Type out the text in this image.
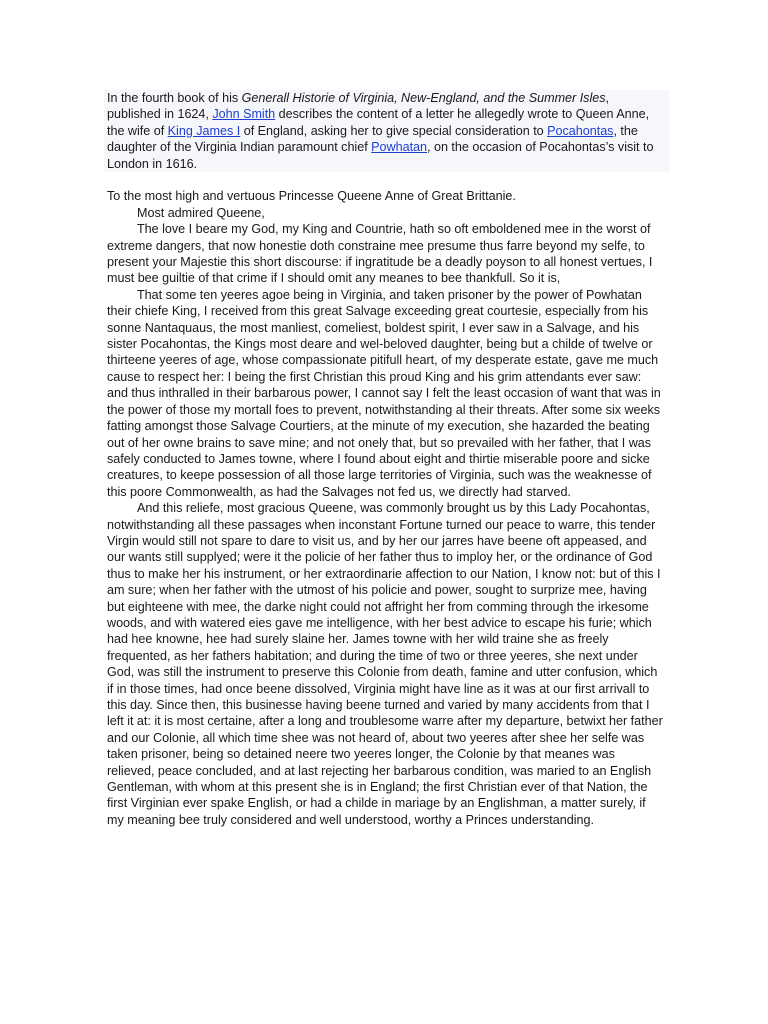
In the fourth book of his Generall Historie of Virginia, New-England, and the Summer Isles, published in 1624, John Smith describes the content of a letter he allegedly wrote to Queen Anne, the wife of King James I of England, asking her to give special consideration to Pocahontas, the daughter of the Virginia Indian paramount chief Powhatan, on the occasion of Pocahontas’s visit to London in 1616.

To the most high and vertuous Princesse Queene Anne of Great Brittanie.

Most admired Queene,

The love I beare my God, my King and Countrie, hath so oft emboldened mee in the worst of extreme dangers, that now honestie doth constraine mee presume thus farre beyond my selfe, to present your Majestie this short discourse: if ingratitude be a deadly poyson to all honest vertues, I must bee guiltie of that crime if I should omit any meanes to bee thankfull. So it is,

That some ten yeeres agoe being in Virginia, and taken prisoner by the power of Powhatan their chiefe King, I received from this great Salvage exceeding great courtesie, especially from his sonne Nantaquaus, the most manliest, comeliest, boldest spirit, I ever saw in a Salvage, and his sister Pocahontas, the Kings most deare and wel-beloved daughter, being but a childe of twelve or thirteene yeeres of age, whose compassionate pitifull heart, of my desperate estate, gave me much cause to respect her: I being the first Christian this proud King and his grim attendants ever saw: and thus inthralled in their barbarous power, I cannot say I felt the least occasion of want that was in the power of those my mortall foes to prevent, notwithstanding al their threats. After some six weeks fatting amongst those Salvage Courtiers, at the minute of my execution, she hazarded the beating out of her owne brains to save mine; and not onely that, but so prevailed with her father, that I was safely conducted to James towne, where I found about eight and thirtie miserable poore and sicke creatures, to keepe possession of all those large territories of Virginia, such was the weaknesse of this poore Commonwealth, as had the Salvages not fed us, we directly had starved.

And this reliefe, most gracious Queene, was commonly brought us by this Lady Pocahontas, notwithstanding all these passages when inconstant Fortune turned our peace to warre, this tender Virgin would still not spare to dare to visit us, and by her our jarres have beene oft appeased, and our wants still supplyed; were it the policie of her father thus to imploy her, or the ordinance of God thus to make her his instrument, or her extraordinarie affection to our Nation, I know not: but of this I am sure; when her father with the utmost of his policie and power, sought to surprize mee, having but eighteene with mee, the darke night could not affright her from comming through the irkesome woods, and with watered eies gave me intelligence, with her best advice to escape his furie; which had hee knowne, hee had surely slaine her. James towne with her wild traine she as freely frequented, as her fathers habitation; and during the time of two or three yeeres, she next under God, was still the instrument to preserve this Colonie from death, famine and utter confusion, which if in those times, had once beene dissolved, Virginia might have line as it was at our first arrivall to this day. Since then, this businesse having beene turned and varied by many accidents from that I left it at: it is most certaine, after a long and troublesome warre after my departure, betwixt her father and our Colonie, all which time shee was not heard of, about two yeeres after shee her selfe was taken prisoner, being so detained neere two yeeres longer, the Colonie by that meanes was relieved, peace concluded, and at last rejecting her barbarous condition, was maried to an English Gentleman, with whom at this present she is in England; the first Christian ever of that Nation, the first Virginian ever spake English, or had a childe in mariage by an Englishman, a matter surely, if my meaning bee truly considered and well understood, worthy a Princes understanding.
